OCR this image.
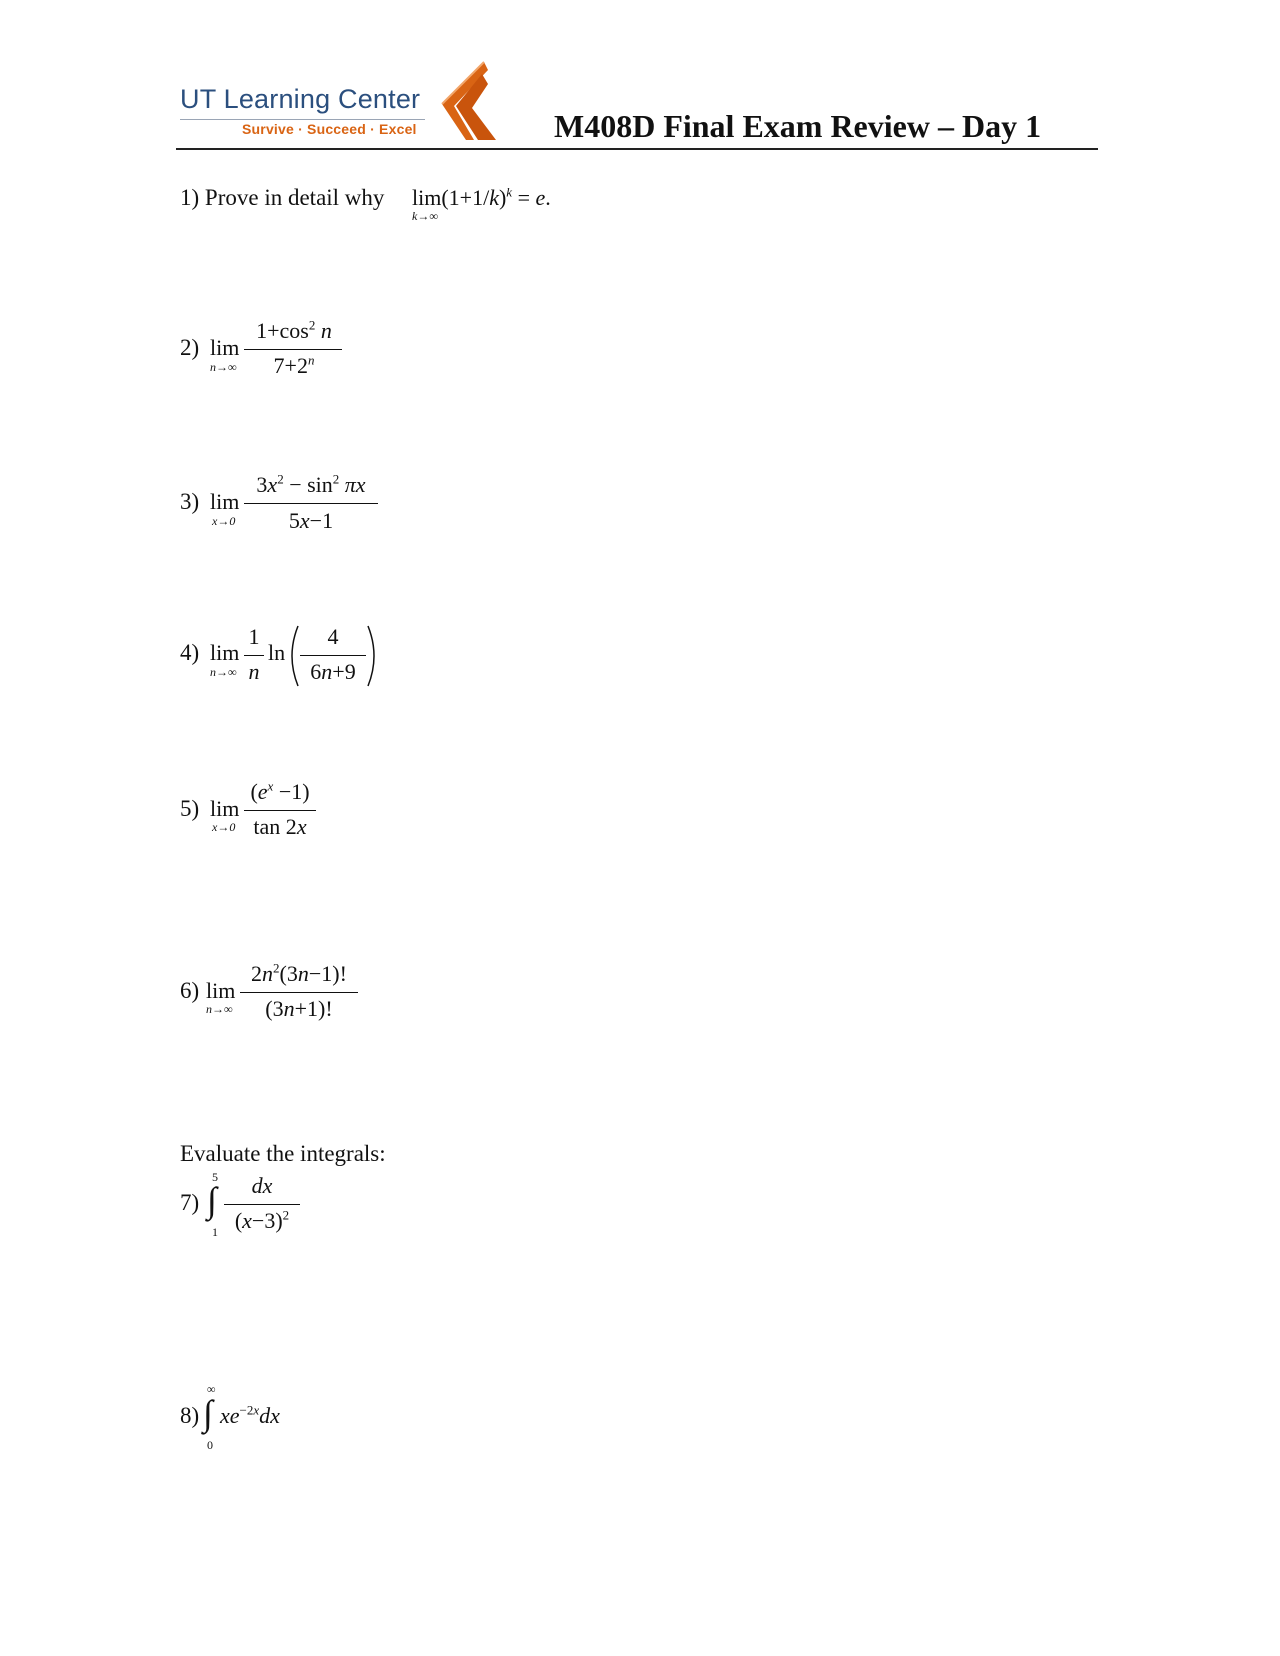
UT Learning Center
Survive · Succeed · Excel	M408D Final Exam Review – Day 1
1) Prove in detail why $\lim(1+1/k)^k = e$.
k→∞
2) lim
n→∞
$1+\cos^2$ n
$7+2^n$
3) lim
x→0
$3x^2 - \sin^2 \pi x$
5x−1
4) lim
n→∞
1
n
ln
4
6n+9
5) lim
x→0
$(e^x -1)$
tan 2x
6) lim
n→∞
$2n^2(3n-1)$!
(3n+1)!
Evaluate the integrals:
7)
5
∫
1
dx
$(x-3)^2$
8)
∞
∫
0
$xe^{-2x}dx$
